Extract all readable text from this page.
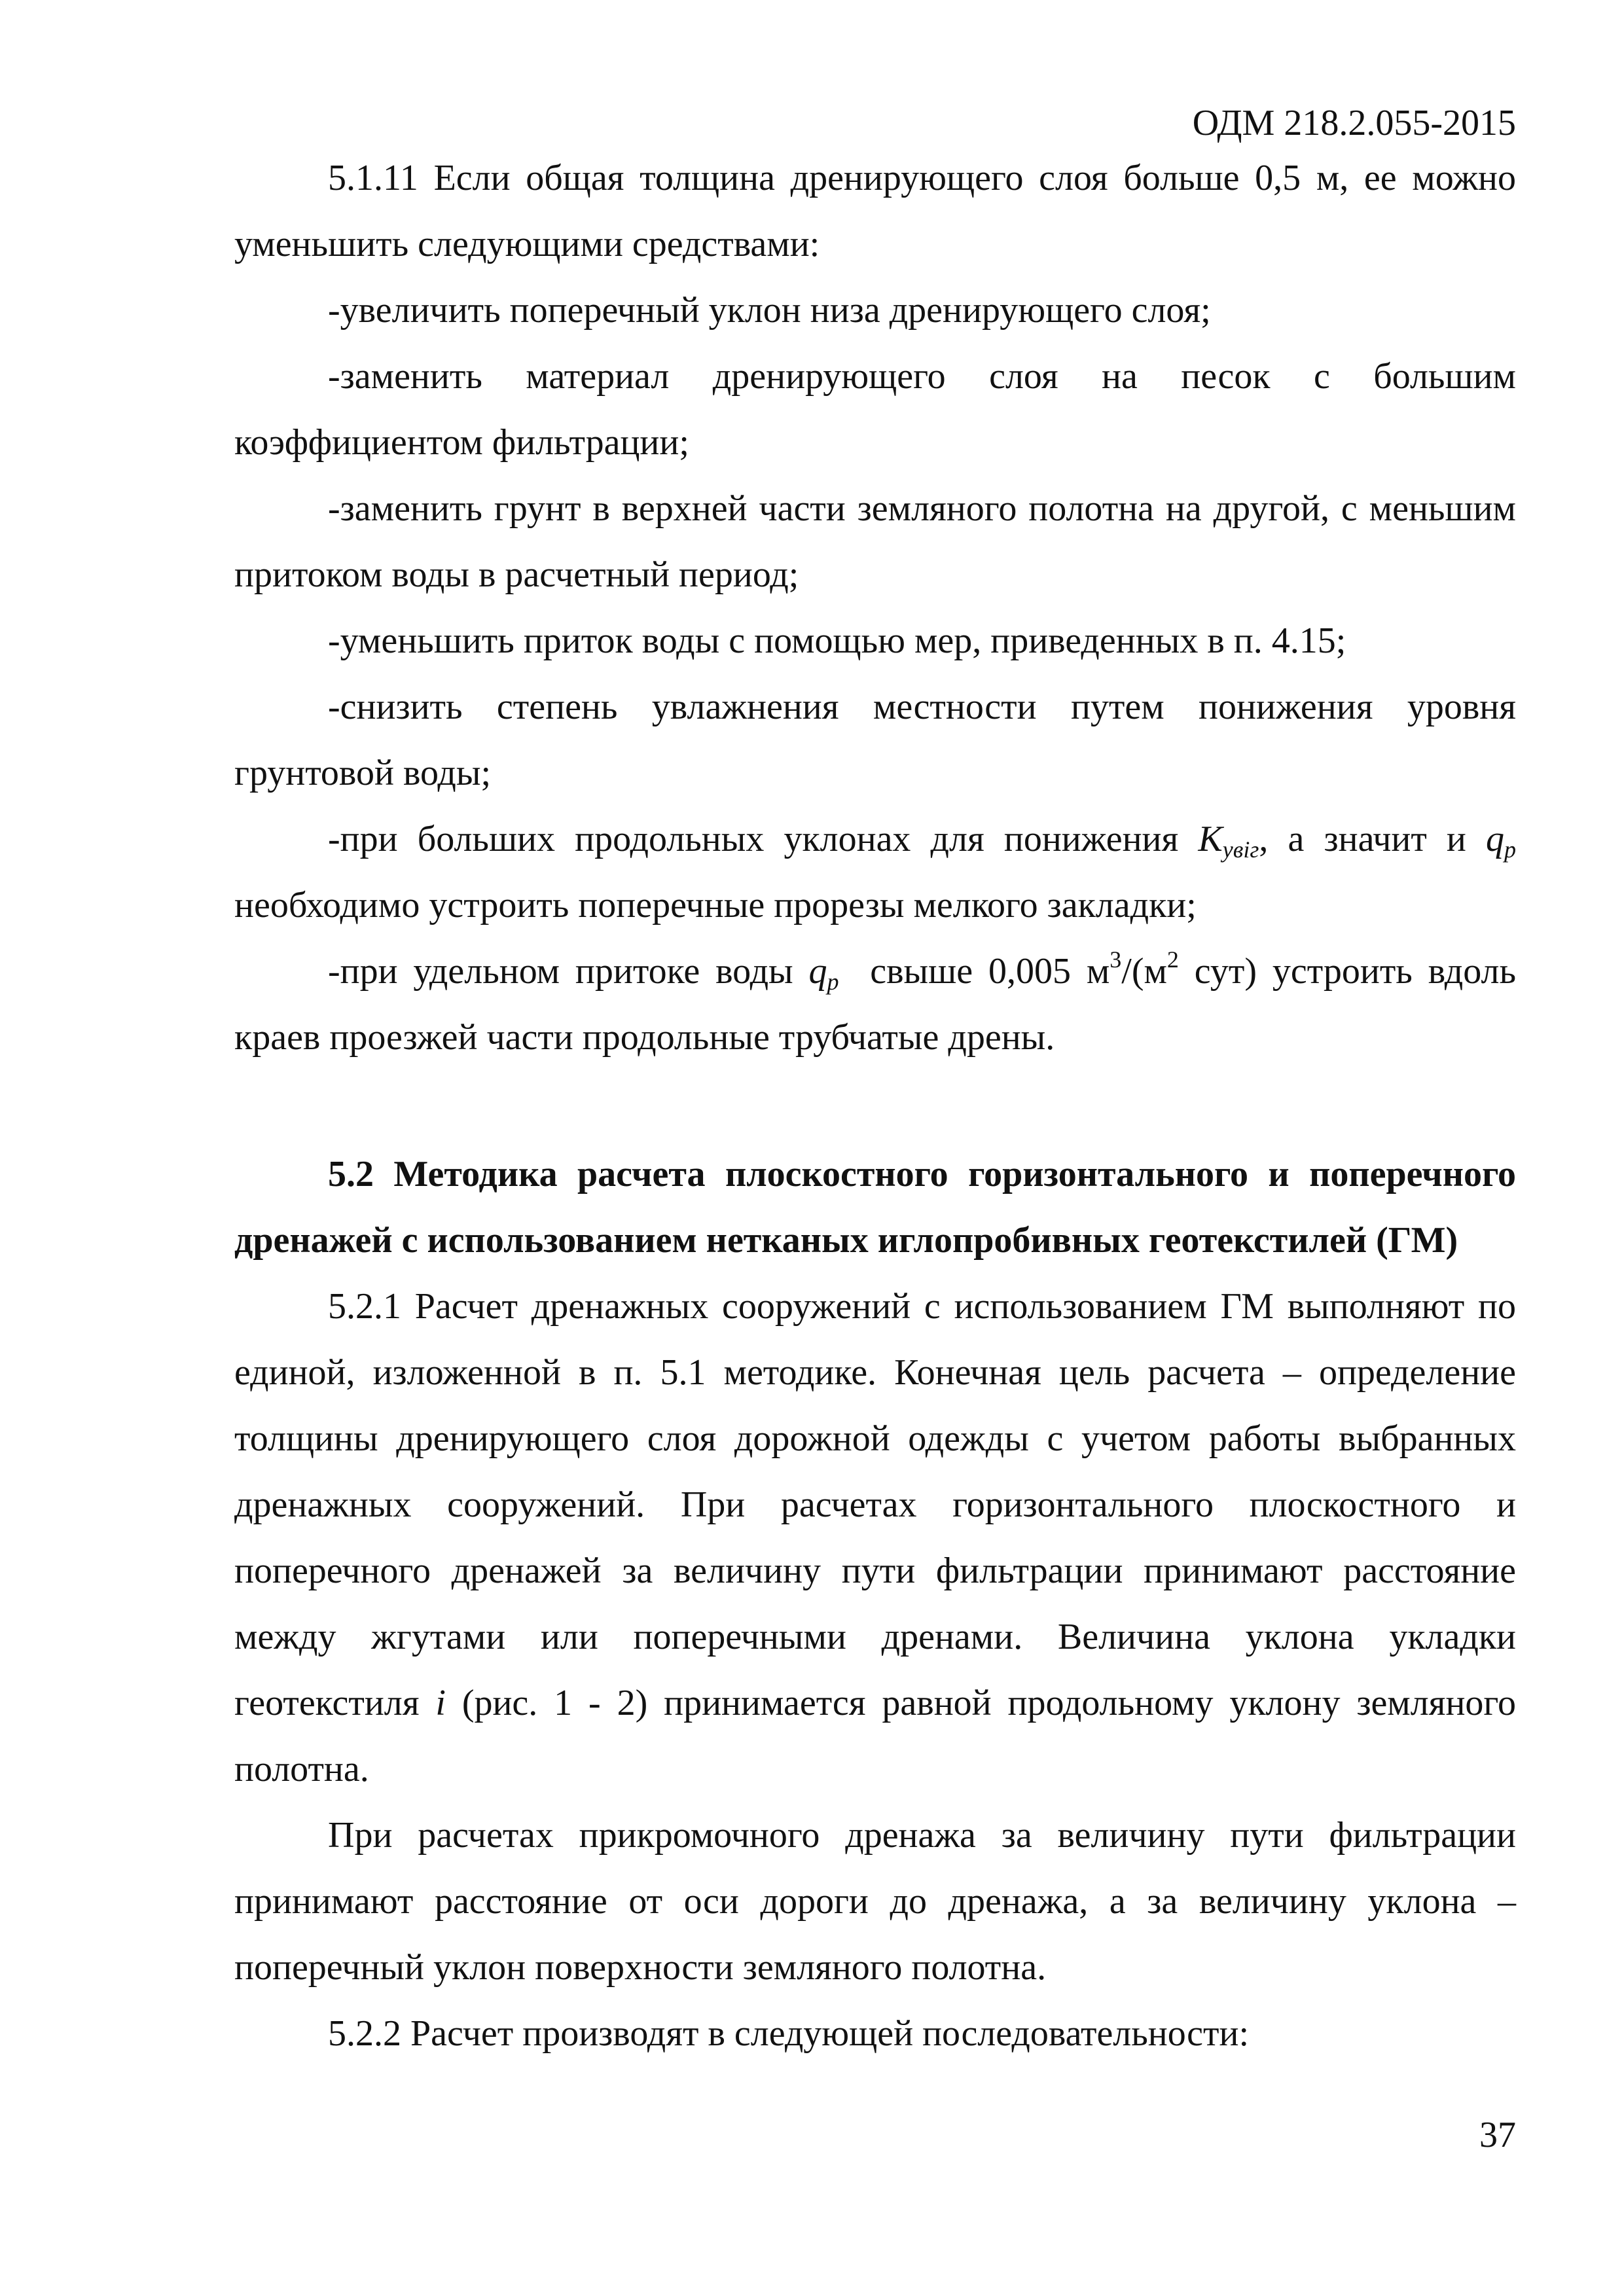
ОДМ 218.2.055-2015

5.1.11 Если общая толщина дренирующего слоя больше 0,5 м, ее можно уменьшить следующими средствами:

-увеличить поперечный уклон низа дренирующего слоя;

-заменить материал дренирующего слоя на песок с большим коэффициентом фильтрации;

-заменить грунт в верхней части земляного полотна на другой, с меньшим притоком воды в расчетный период;

-уменьшить приток воды с помощью мер, приведенных в п. 4.15;

-снизить степень увлажнения местности путем понижения уровня грунтовой воды;

-при больших продольных уклонах для понижения $K_{увіг}$, а значит и $q_p$ необходимо устроить поперечные прорезы мелкого закладки;

-при удельном притоке воды $q_p$  свыше 0,005 $м^3/(м^2$ сут) устроить вдоль краев проезжей части продольные трубчатые дрены.

5.2 Методика расчета плоскостного горизонтального и поперечного дренажей с использованием нетканых иглопробивных геотекстилей (ГМ)

5.2.1 Расчет дренажных сооружений с использованием ГМ выполняют по единой, изложенной в п. 5.1 методике. Конечная цель расчета – определение толщины дренирующего слоя дорожной одежды с учетом работы выбранных дренажных сооружений. При расчетах горизонтального плоскостного и поперечного дренажей за величину пути фильтрации принимают расстояние между жгутами или поперечными дренами. Величина уклона укладки геотекстиля i (рис. 1 - 2) принимается равной продольному уклону земляного полотна.

При расчетах прикромочного дренажа за величину пути фильтрации принимают расстояние от оси дороги до дренажа, а за величину уклона – поперечный уклон поверхности земляного полотна.

5.2.2 Расчет производят в следующей последовательности:

37
